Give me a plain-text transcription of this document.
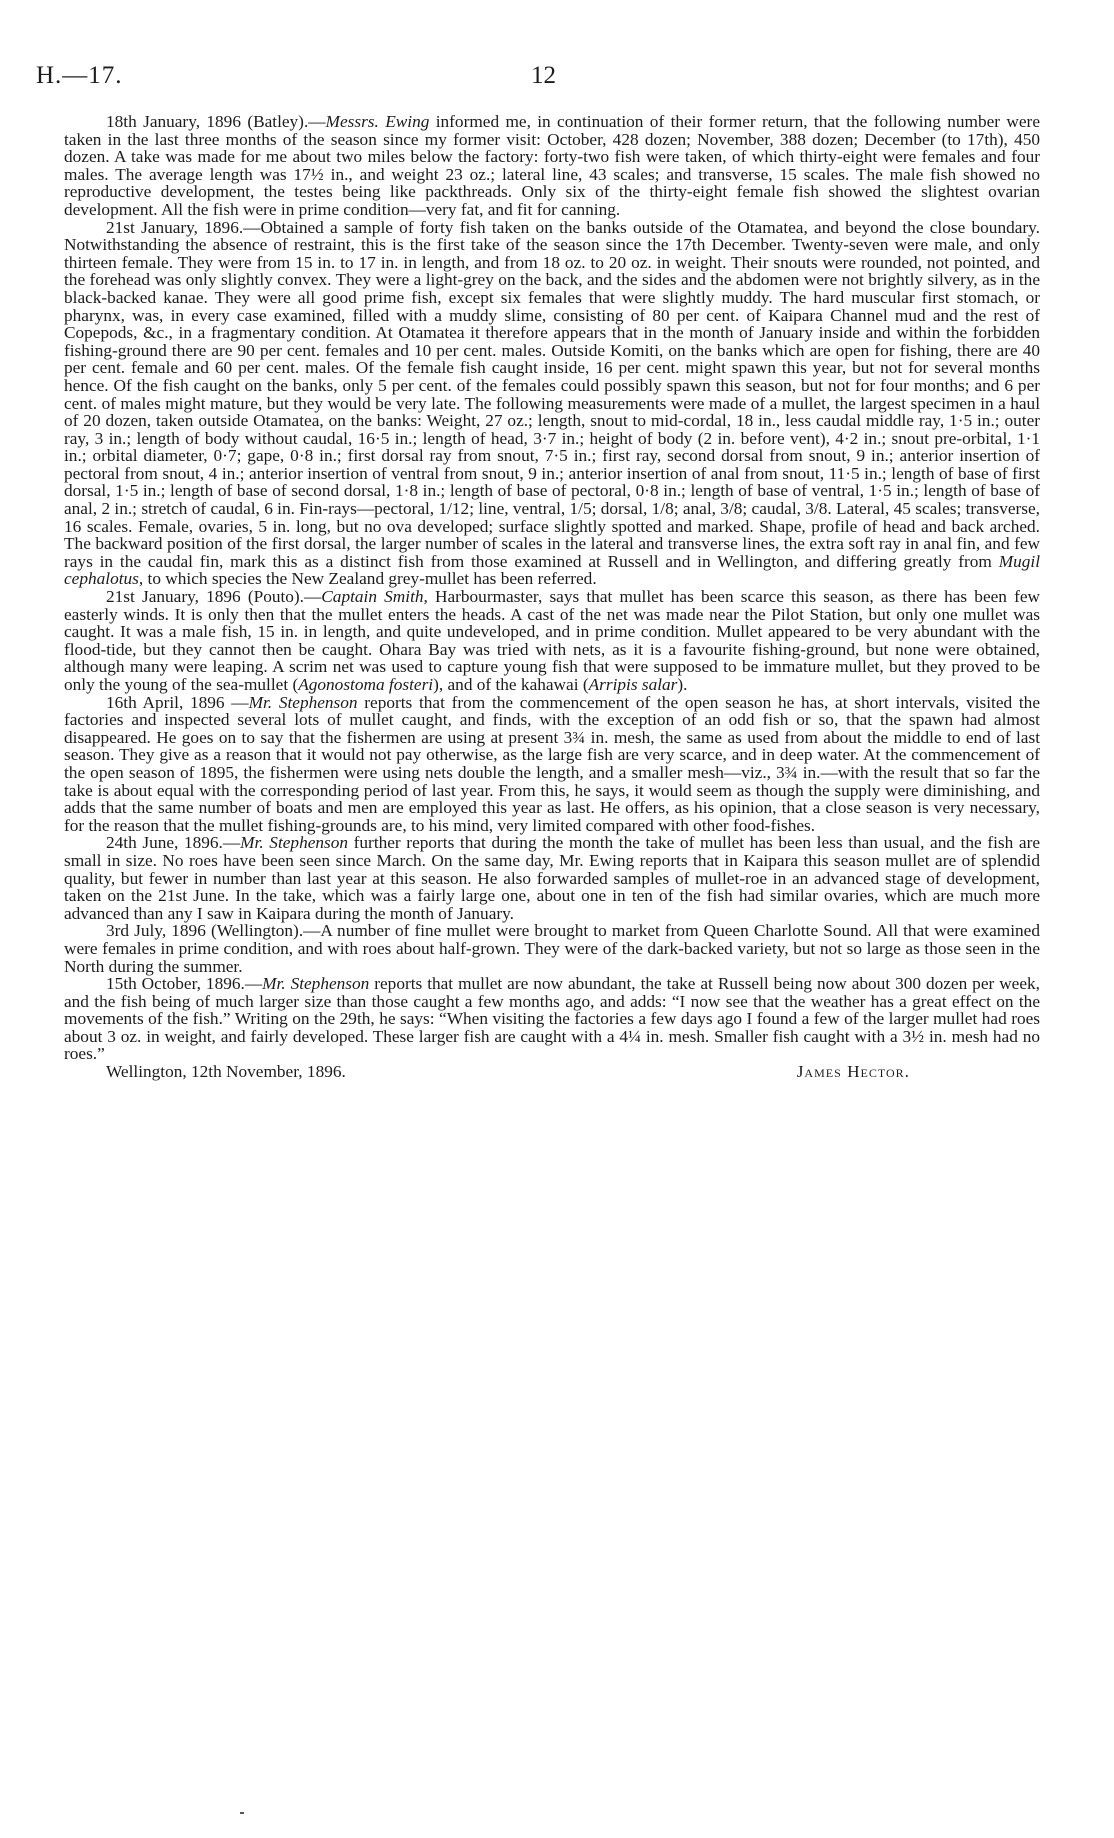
H.—17.	12

18th January, 1896 (Batley).—Messrs. Ewing informed me, in continuation of their former return, that the following number were taken in the last three months of the season since my former visit: October, 428 dozen; November, 388 dozen; December (to 17th), 450 dozen. A take was made for me about two miles below the factory: forty-two fish were taken, of which thirty-eight were females and four males. The average length was 17½ in., and weight 23 oz.; lateral line, 43 scales; and transverse, 15 scales. The male fish showed no reproductive development, the testes being like packthreads. Only six of the thirty-eight female fish showed the slightest ovarian development. All the fish were in prime condition—very fat, and fit for canning.

21st January, 1896.—Obtained a sample of forty fish taken on the banks outside of the Otamatea, and beyond the close boundary. Notwithstanding the absence of restraint, this is the first take of the season since the 17th December. Twenty-seven were male, and only thirteen female. They were from 15 in. to 17 in. in length, and from 18 oz. to 20 oz. in weight. Their snouts were rounded, not pointed, and the forehead was only slightly convex. They were a light-grey on the back, and the sides and the abdomen were not brightly silvery, as in the black-backed kanae. They were all good prime fish, except six females that were slightly muddy. The hard muscular first stomach, or pharynx, was, in every case examined, filled with a muddy slime, consisting of 80 per cent. of Kaipara Channel mud and the rest of Copepods, &c., in a fragmentary condition. At Otamatea it therefore appears that in the month of January inside and within the forbidden fishing-ground there are 90 per cent. females and 10 per cent. males. Outside Komiti, on the banks which are open for fishing, there are 40 per cent. female and 60 per cent. males. Of the female fish caught inside, 16 per cent. might spawn this year, but not for several months hence. Of the fish caught on the banks, only 5 per cent. of the females could possibly spawn this season, but not for four months; and 6 per cent. of males might mature, but they would be very late. The following measurements were made of a mullet, the largest specimen in a haul of 20 dozen, taken outside Otamatea, on the banks: Weight, 27 oz.; length, snout to mid-cordal, 18 in., less caudal middle ray, 1·5 in.; outer ray, 3 in.; length of body without caudal, 16·5 in.; length of head, 3·7 in.; height of body (2 in. before vent), 4·2 in.; snout pre-orbital, 1·1 in.; orbital diameter, 0·7; gape, 0·8 in.; first dorsal ray from snout, 7·5 in.; first ray, second dorsal from snout, 9 in.; anterior insertion of pectoral from snout, 4 in.; anterior insertion of ventral from snout, 9 in.; anterior insertion of anal from snout, 11·5 in.; length of base of first dorsal, 1·5 in.; length of base of second dorsal, 1·8 in.; length of base of pectoral, 0·8 in.; length of base of ventral, 1·5 in.; length of base of anal, 2 in.; stretch of caudal, 6 in. Fin-rays—pectoral, 1/12; line, ventral, 1/5; dorsal, 1/8; anal, 3/8; caudal, 3/8. Lateral, 45 scales; transverse, 16 scales. Female, ovaries, 5 in. long, but no ova developed; surface slightly spotted and marked. Shape, profile of head and back arched. The backward position of the first dorsal, the larger number of scales in the lateral and transverse lines, the extra soft ray in anal fin, and few rays in the caudal fin, mark this as a distinct fish from those examined at Russell and in Wellington, and differing greatly from Mugil cephalotus, to which species the New Zealand grey-mullet has been referred.

21st January, 1896 (Pouto).—Captain Smith, Harbourmaster, says that mullet has been scarce this season, as there has been few easterly winds. It is only then that the mullet enters the heads. A cast of the net was made near the Pilot Station, but only one mullet was caught. It was a male fish, 15 in. in length, and quite undeveloped, and in prime condition. Mullet appeared to be very abundant with the flood-tide, but they cannot then be caught. Ohara Bay was tried with nets, as it is a favourite fishing-ground, but none were obtained, although many were leaping. A scrim net was used to capture young fish that were supposed to be immature mullet, but they proved to be only the young of the sea-mullet (Agonostoma fosteri), and of the kahawai (Arripis salar).

16th April, 1896 —Mr. Stephenson reports that from the commencement of the open season he has, at short intervals, visited the factories and inspected several lots of mullet caught, and finds, with the exception of an odd fish or so, that the spawn had almost disappeared. He goes on to say that the fishermen are using at present 3¾ in. mesh, the same as used from about the middle to end of last season. They give as a reason that it would not pay otherwise, as the large fish are very scarce, and in deep water. At the commencement of the open season of 1895, the fishermen were using nets double the length, and a smaller mesh—viz., 3¾ in.—with the result that so far the take is about equal with the corresponding period of last year. From this, he says, it would seem as though the supply were diminishing, and adds that the same number of boats and men are employed this year as last. He offers, as his opinion, that a close season is very necessary, for the reason that the mullet fishing-grounds are, to his mind, very limited compared with other food-fishes.

24th June, 1896.—Mr. Stephenson further reports that during the month the take of mullet has been less than usual, and the fish are small in size. No roes have been seen since March. On the same day, Mr. Ewing reports that in Kaipara this season mullet are of splendid quality, but fewer in number than last year at this season. He also forwarded samples of mullet-roe in an advanced stage of development, taken on the 21st June. In the take, which was a fairly large one, about one in ten of the fish had similar ovaries, which are much more advanced than any I saw in Kaipara during the month of January.

3rd July, 1896 (Wellington).—A number of fine mullet were brought to market from Queen Charlotte Sound. All that were examined were females in prime condition, and with roes about half-grown. They were of the dark-backed variety, but not so large as those seen in the North during the summer.

15th October, 1896.—Mr. Stephenson reports that mullet are now abundant, the take at Russell being now about 300 dozen per week, and the fish being of much larger size than those caught a few months ago, and adds: “I now see that the weather has a great effect on the movements of the fish.” Writing on the 29th, he says: “When visiting the factories a few days ago I found a few of the larger mullet had roes about 3 oz. in weight, and fairly developed. These larger fish are caught with a 4¼ in. mesh. Smaller fish caught with a 3½ in. mesh had no roes.”

Wellington, 12th November, 1896.	James Hector.
